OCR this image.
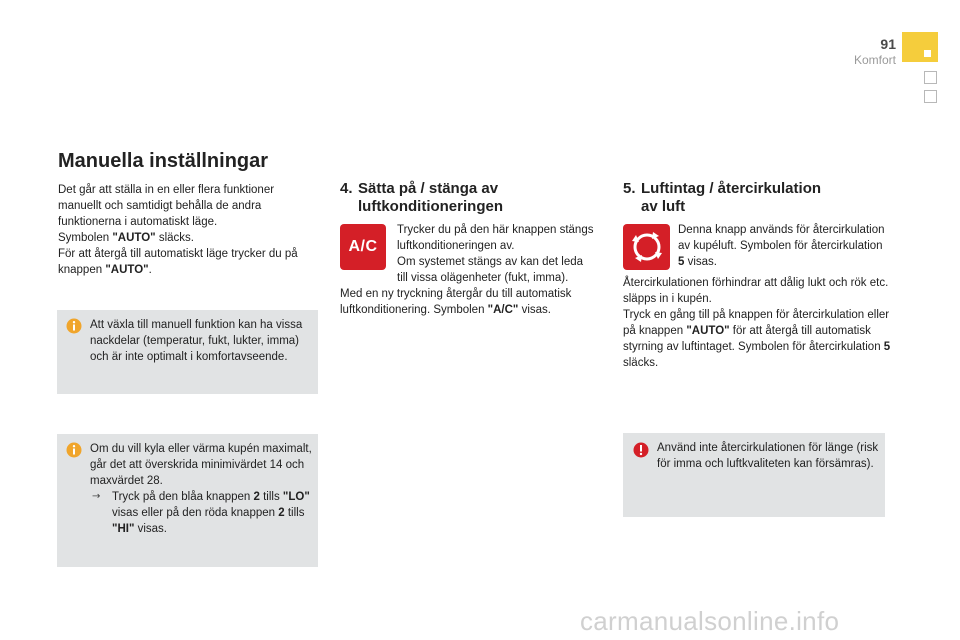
91
Komfort
Manuella inställningar
Det går att ställa in en eller flera funktioner manuellt och samtidigt behålla de andra funktionerna i automatiskt läge.
Symbolen "AUTO" släcks.
För att återgå till automatiskt läge trycker du på knappen "AUTO".
Att växla till manuell funktion kan ha vissa nackdelar (temperatur, fukt, lukter, imma) och är inte optimalt i komfortavseende.
Om du vill kyla eller värma kupén maximalt, går det att överskrida minimivärdet 14 och maxvärdet 28.
→	Tryck på den blåa knappen 2 tills "LO" visas eller på den röda knappen 2 tills "HI" visas.
4. Sätta på / stänga av
luftkonditioneringen
A/C
Trycker du på den här knappen stängs luftkonditioneringen av.
Om systemet stängs av kan det leda till vissa olägenheter (fukt, imma).
Med en ny tryckning återgår du till automatisk luftkonditionering. Symbolen "A/C" visas.
5. Luftintag / återcirkulation
av luft
Denna knapp används för återcirkulation av kupéluft. Symbolen för återcirkulation 5 visas.
Återcirkulationen förhindrar att dålig lukt och rök etc. släpps in i kupén.
Tryck en gång till på knappen för återcirkulation eller på knappen "AUTO" för att återgå till automatisk styrning av luftintaget. Symbolen för återcirkulation 5 släcks.
Använd inte återcirkulationen för länge (risk för imma och luftkvaliteten kan försämras).
carmanualsonline.info
